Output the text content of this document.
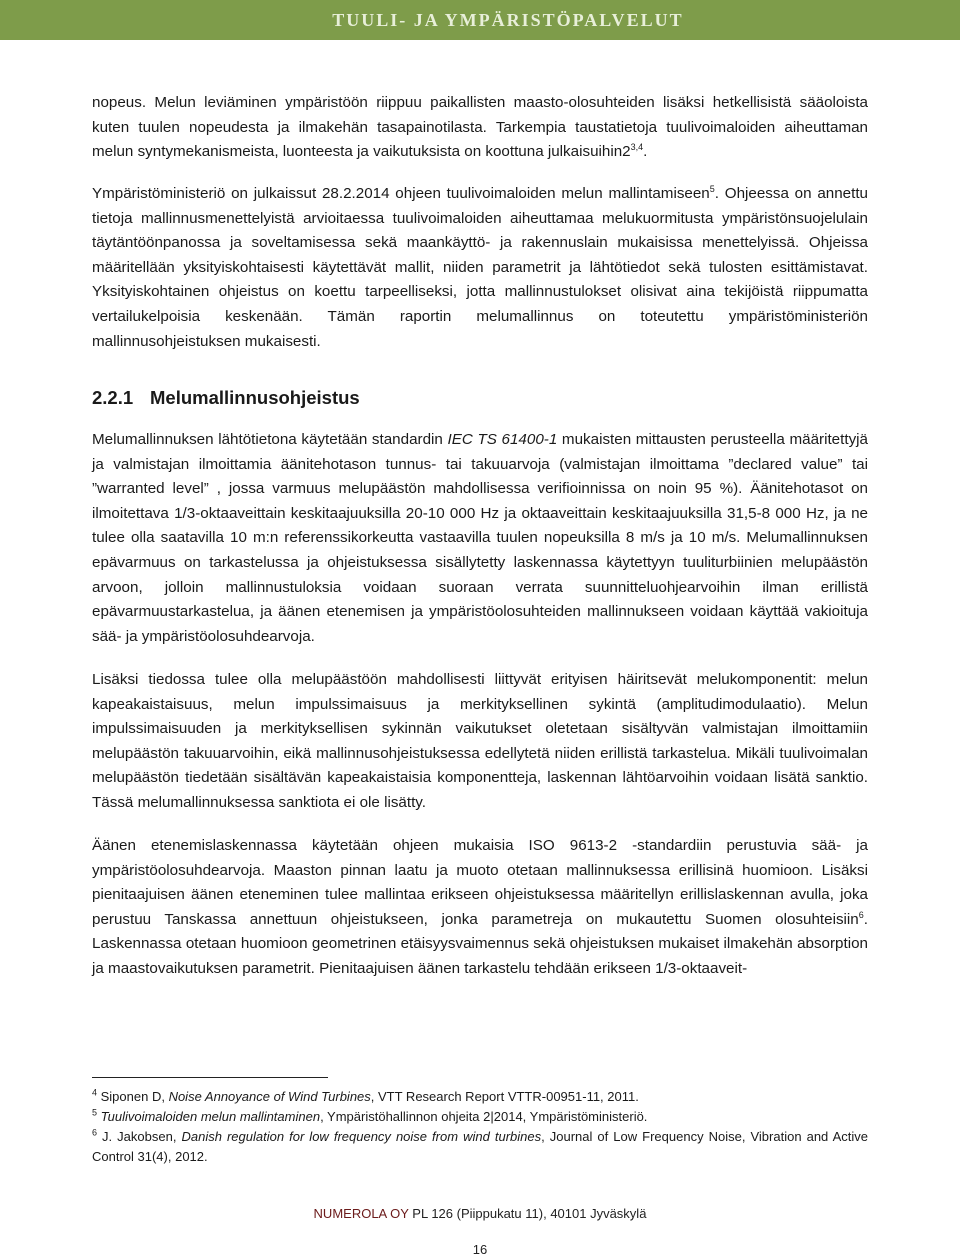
TUULI- JA YMPÄRISTÖPALVELUT

nopeus. Melun leviäminen ympäristöön riippuu paikallisten maasto-olosuhteiden lisäksi hetkellisistä sääoloista kuten tuulen nopeudesta ja ilmakehän tasapainotilasta. Tarkempia taustatietoja tuulivoimaloiden aiheuttaman melun syntymekanismeista, luonteesta ja vaikutuksista on koottuna julkaisuihin2$^{3,4}$.

Ympäristöministeriö on julkaissut 28.2.2014 ohjeen tuulivoimaloiden melun mallintamiseen$^5$. Ohjeessa on annettu tietoja mallinnusmenettelyistä arvioitaessa tuulivoimaloiden aiheuttamaa melukuormitusta ympäristönsuojelulain täytäntöönpanossa ja soveltamisessa sekä maankäyttö- ja rakennuslain mukaisissa menettelyissä. Ohjeissa määritellään yksityiskohtaisesti käytettävät mallit, niiden parametrit ja lähtötiedot sekä tulosten esittämistavat. Yksityiskohtainen ohjeistus on koettu tarpeelliseksi, jotta mallinnustulokset olisivat aina tekijöistä riippumatta vertailukelpoisia keskenään. Tämän raportin melumallinnus on toteutettu ympäristöministeriön mallinnusohjeistuksen mukaisesti.

2.2.1 Melumallinnusohjeistus

Melumallinnuksen lähtötietona käytetään standardin IEC TS 61400-1 mukaisten mittausten perusteella määritettyjä ja valmistajan ilmoittamia äänitehotason tunnus- tai takuuarvoja (valmistajan ilmoittama ”declared value” tai ”warranted level” , jossa varmuus melupäästön mahdollisessa verifioinnissa on noin 95 %). Äänitehotasot on ilmoitettava 1/3-oktaaveittain keskitaajuuksilla 20-10 000 Hz ja oktaaveittain keskitaajuuksilla 31,5-8 000 Hz, ja ne tulee olla saatavilla 10 m:n referenssikorkeutta vastaavilla tuulen nopeuksilla 8 m/s ja 10 m/s. Melumallinnuksen epävarmuus on tarkastelussa ja ohjeistuksessa sisällytetty laskennassa käytettyyn tuuliturbiinien melupäästön arvoon, jolloin mallinnustuloksia voidaan suoraan verrata suunnitteluohjearvoihin ilman erillistä epävarmuustarkastelua, ja äänen etenemisen ja ympäristöolosuhteiden mallinnukseen voidaan käyttää vakioituja sää- ja ympäristöolosuhdearvoja.

Lisäksi tiedossa tulee olla melupäästöön mahdollisesti liittyvät erityisen häiritsevät melukomponentit: melun kapeakaistaisuus, melun impulssimaisuus ja merkityksellinen sykintä (amplitudimodulaatio). Melun impulssimaisuuden ja merkityksellisen sykinnän vaikutukset oletetaan sisältyvän valmistajan ilmoittamiin melupäästön takuuarvoihin, eikä mallinnusohjeistuksessa edellytetä niiden erillistä tarkastelua. Mikäli tuulivoimalan melupäästön tiedetään sisältävän kapeakaistaisia komponentteja, laskennan lähtöarvoihin voidaan lisätä sanktio. Tässä melumallinnuksessa sanktiota ei ole lisätty.

Äänen etenemislaskennassa käytetään ohjeen mukaisia ISO 9613-2 -standardiin perustuvia sää- ja ympäristöolosuhdearvoja. Maaston pinnan laatu ja muoto otetaan mallinnuksessa erillisinä huomioon. Lisäksi pienitaajuisen äänen eteneminen tulee mallintaa erikseen ohjeistuksessa määritellyn erillislaskennan avulla, joka perustuu Tanskassa annettuun ohjeistukseen, jonka parametreja on mukautettu Suomen olosuhteisiin$^6$. Laskennassa otetaan huomioon geometrinen etäisyysvaimennus sekä ohjeistuksen mukaiset ilmakehän absorption ja maastovaikutuksen parametrit. Pienitaajuisen äänen tarkastelu tehdään erikseen 1/3-oktaaveit-

$^4$ Siponen D, Noise Annoyance of Wind Turbines, VTT Research Report VTTR-00951-11, 2011.

$^5$ Tuulivoimaloiden melun mallintaminen, Ympäristöhallinnon ohjeita 2|2014, Ympäristöministeriö.

$^6$ J. Jakobsen, Danish regulation for low frequency noise from wind turbines, Journal of Low Frequency Noise, Vibration and Active Control 31(4), 2012.

NUMEROLA OY PL 126 (Piippukatu 11), 40101 Jyväskylä
16
